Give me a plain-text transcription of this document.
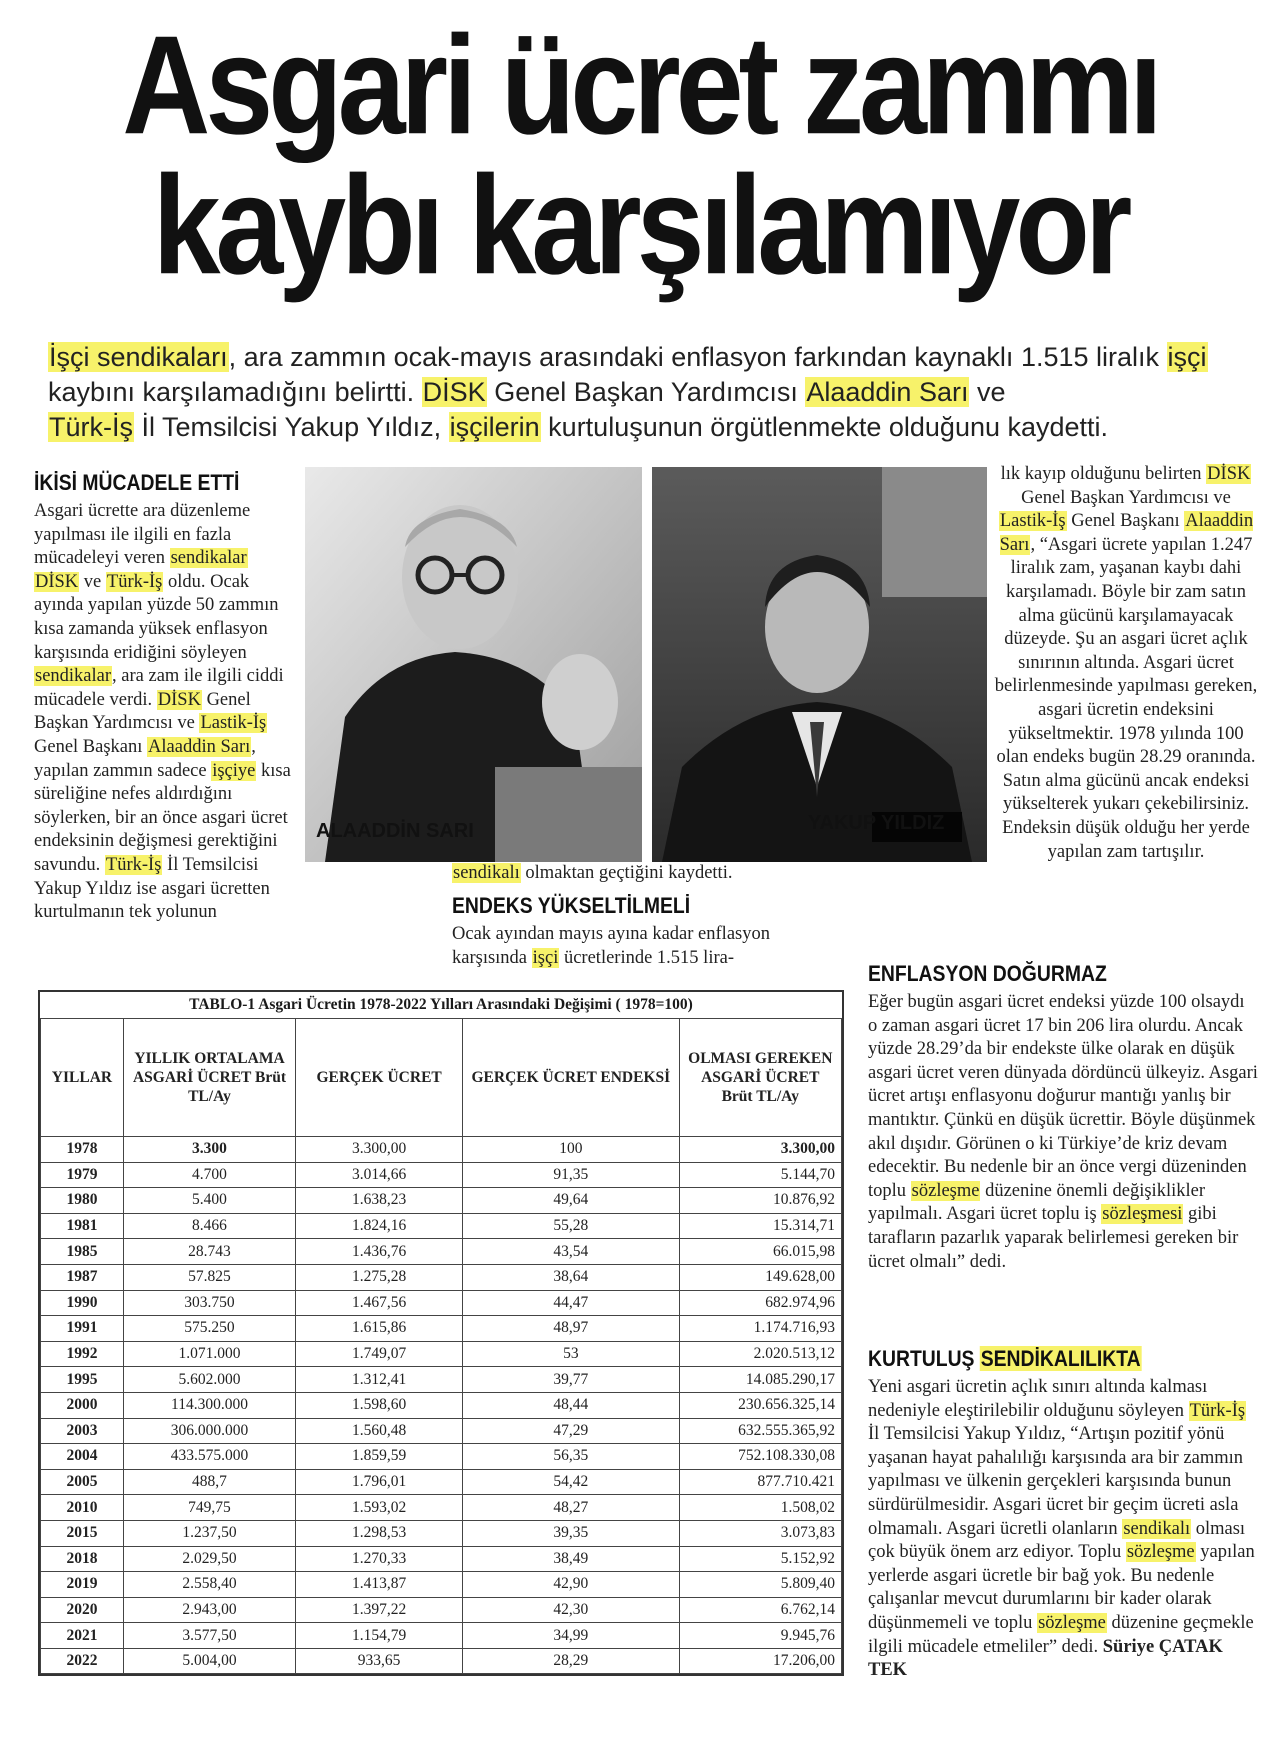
Asgari ücret zammı
kaybı karşılamıyor
İşçi sendikaları, ara zammın ocak-mayıs arasındaki enflasyon farkından kaynaklı 1.515 liralık işçi kaybını karşılamadığını belirtti. DİSK Genel Başkan Yardımcısı Alaaddin Sarı ve
Türk-İş İl Temsilcisi Yakup Yıldız, işçilerin kurtuluşunun örgütlenmekte olduğunu kaydetti.
İKİSİ MÜCADELE ETTİ
Asgari ücrette ara düzenleme yapılması ile ilgili en fazla mücadeleyi veren sendikalar DİSK ve Türk-İş oldu. Ocak ayında yapılan yüzde 50 zammın kısa zamanda yüksek enflasyon karşısında eridiğini söyleyen sendikalar, ara zam ile ilgili ciddi mücadele verdi. DİSK Genel Başkan Yardımcısı ve Lastik-İş Genel Başkanı Alaaddin Sarı, yapılan zammın sadece işçiye kısa süreliğine nefes aldırdığını söylerken, bir an önce asgari ücret endeksinin değişmesi gerektiğini savundu. Türk-İş İl Temsilcisi Yakup Yıldız ise asgari ücretten kurtulmanın tek yolunun
ALAADDİN SARI	YAKUP YILDIZ
sendikalı olmaktan geçtiğini kaydetti.
ENDEKS YÜKSELTİLMELİ
Ocak ayından mayıs ayına kadar enflasyon karşısında işçi ücretlerinde 1.515 lira-
lık kayıp olduğunu belirten DİSK Genel Başkan Yardımcısı ve Lastik-İş Genel Başkanı Alaaddin Sarı, “Asgari ücrete yapılan 1.247 liralık zam, yaşanan kaybı dahi karşılamadı. Böyle bir zam satın alma gücünü karşılamayacak düzeyde. Şu an asgari ücret açlık sınırının altında. Asgari ücret belirlenmesinde yapılması gereken, asgari ücretin endeksini yükseltmektir. 1978 yılında 100 olan endeks bugün 28.29 oranında. Satın alma gücünü ancak endeksi yükselterek yukarı çekebilirsiniz. Endeksin düşük olduğu her yerde yapılan zam tartışılır.
ENFLASYON DOĞURMAZ
Eğer bugün asgari ücret endeksi yüzde 100 olsaydı o zaman asgari ücret 17 bin 206 lira olurdu. Ancak yüzde 28.29’da bir endekste ülke olarak en düşük asgari ücret veren dünyada dördüncü ülkeyiz. Asgari ücret artışı enflasyonu doğurur mantığı yanlış bir mantıktır. Çünkü en düşük ücrettir. Böyle düşünmek akıl dışıdır. Görünen o ki Türkiye’de kriz devam edecektir. Bu nedenle bir an önce vergi düzeninden toplu sözleşme düzenine önemli değişiklikler yapılmalı. Asgari ücret toplu iş sözleşmesi gibi tarafların pazarlık yaparak belirlemesi gereken bir ücret olmalı” dedi.
KURTULUŞ SENDİKALILIKTA
Yeni asgari ücretin açlık sınırı altında kalması nedeniyle eleştirilebilir olduğunu söyleyen Türk-İş İl Temsilcisi Yakup Yıldız, “Artışın pozitif yönü yaşanan hayat pahalılığı karşısında ara bir zammın yapılması ve ülkenin gerçekleri karşısında bunun sürdürülmesidir. Asgari ücret bir geçim ücreti asla olmamalı. Asgari ücretli olanların sendikalı olması çok büyük önem arz ediyor. Toplu sözleşme yapılan yerlerde asgari ücretle bir bağ yok. Bu nedenle çalışanlar mevcut durumlarını bir kader olarak düşünmemeli ve toplu sözleşme düzenine geçmekle ilgili mücadele etmeliler” dedi. Süriye ÇATAK TEK
TABLO-1 Asgari Ücretin 1978-2022 Yılları Arasındaki Değişimi ( 1978=100)
YILLAR	YILLIK ORTALAMA ASGARİ ÜCRET Brüt TL/Ay	GERÇEK ÜCRET	GERÇEK ÜCRET ENDEKSİ	OLMASI GEREKEN ASGARİ ÜCRET Brüt TL/Ay
1978	3.300	3.300,00	100	3.300,00
1979	4.700	3.014,66	91,35	5.144,70
1980	5.400	1.638,23	49,64	10.876,92
1981	8.466	1.824,16	55,28	15.314,71
1985	28.743	1.436,76	43,54	66.015,98
1987	57.825	1.275,28	38,64	149.628,00
1990	303.750	1.467,56	44,47	682.974,96
1991	575.250	1.615,86	48,97	1.174.716,93
1992	1.071.000	1.749,07	53	2.020.513,12
1995	5.602.000	1.312,41	39,77	14.085.290,17
2000	114.300.000	1.598,60	48,44	230.656.325,14
2003	306.000.000	1.560,48	47,29	632.555.365,92
2004	433.575.000	1.859,59	56,35	752.108.330,08
2005	488,7	1.796,01	54,42	877.710.421
2010	749,75	1.593,02	48,27	1.508,02
2015	1.237,50	1.298,53	39,35	3.073,83
2018	2.029,50	1.270,33	38,49	5.152,92
2019	2.558,40	1.413,87	42,90	5.809,40
2020	2.943,00	1.397,22	42,30	6.762,14
2021	3.577,50	1.154,79	34,99	9.945,76
2022	5.004,00	933,65	28,29	17.206,00
